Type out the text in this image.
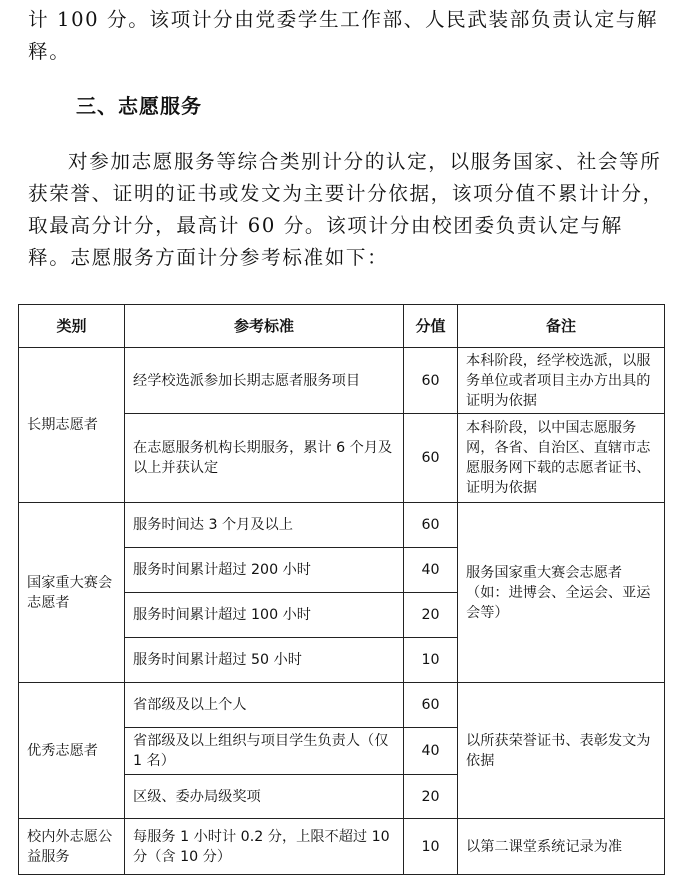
计 100 分。该项计分由党委学生工作部、人民武装部负责认定与解释。

三、志愿服务

对参加志愿服务等综合类别计分的认定，以服务国家、社会等所获荣誉、证明的证书或发文为主要计分依据，该项分值不累计计分，取最高分计分，最高计 60 分。该项计分由校团委负责认定与解释。志愿服务方面计分参考标准如下：

类别	参考标准	分值	备注
长期志愿者	经学校选派参加长期志愿者服务项目	60	本科阶段，经学校选派，以服务单位或者项目主办方出具的证明为依据
	在志愿服务机构长期服务，累计 6 个月及以上并获认定	60	本科阶段，以中国志愿服务网，各省、自治区、直辖市志愿服务网下载的志愿者证书、证明为依据
国家重大赛会志愿者	服务时间达 3 个月及以上	60	服务国家重大赛会志愿者（如：进博会、全运会、亚运会等）
	服务时间累计超过 200 小时	40	
	服务时间累计超过 100 小时	20	
	服务时间累计超过 50 小时	10	
优秀志愿者	省部级及以上个人	60	以所获荣誉证书、表彰发文为依据
	省部级及以上组织与项目学生负责人（仅 1 名）	40	
	区级、委办局级奖项	20	
校内外志愿公益服务	每服务 1 小时计 0.2 分，上限不超过 10 分（含 10 分）	10	以第二课堂系统记录为准
